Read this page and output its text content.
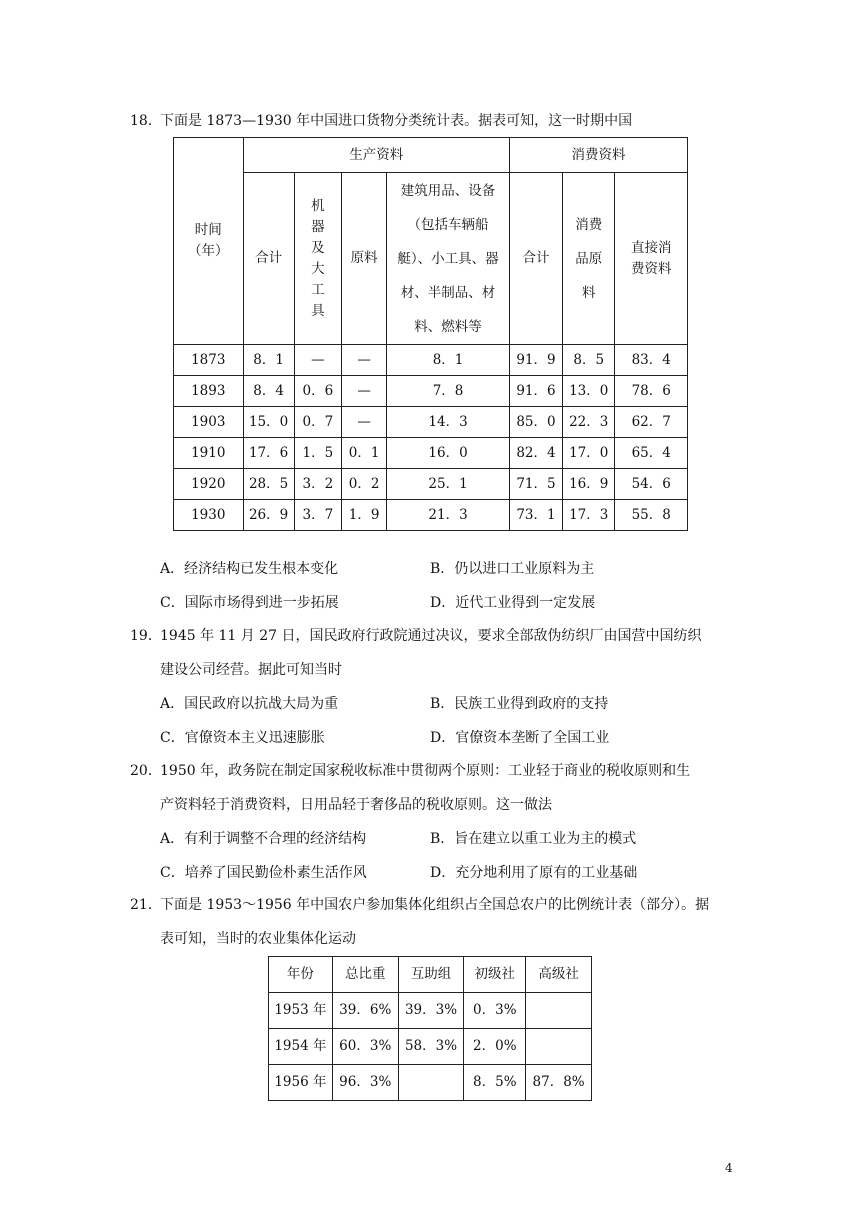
18．
下面是 1873—1930 年中国进口货物分类统计表。据表可知，这一时期中国
时间（年）	生产资料				消费资料		
	合计	机器及大工具	原料	建筑用品、设备（包括车辆船艇）、小工具、器材、半制品、材料、燃料等	合计	消费品原料	直接消费资料
1873	8．1	—	—	8．1	91．9	8．5	83．4
1893	8．4	0．6	—	7．8	91．6	13．0	78．6
1903	15．0	0．7	—	14．3	85．0	22．3	62．7
1910	17．6	1．5	0．1	16．0	82．4	17．0	65．4
1920	28．5	3．2	0．2	25．1	71．5	16．9	54．6
1930	26．9	3．7	1．9	21．3	73．1	17．3	55．8
A．经济结构已发生根本变化	B．仍以进口工业原料为主
C．国际市场得到进一步拓展	D．近代工业得到一定发展
19．
1945 年 11 月 27 日，国民政府行政院通过决议，要求全部敌伪纺织厂由国营中国纺织
建设公司经营。据此可知当时
A．国民政府以抗战大局为重	B．民族工业得到政府的支持
C．官僚资本主义迅速膨胀	D．官僚资本垄断了全国工业
20．
1950 年，政务院在制定国家税收标准中贯彻两个原则：工业轻于商业的税收原则和生
产资料轻于消费资料，日用品轻于奢侈品的税收原则。这一做法
A．有利于调整不合理的经济结构	B．旨在建立以重工业为主的模式
C．培养了国民勤俭朴素生活作风	D．充分地利用了原有的工业基础
21．
下面是 1953～1956 年中国农户参加集体化组织占全国总农户的比例统计表（部分）。据
表可知，当时的农业集体化运动
年份	总比重	互助组	初级社	高级社
1953 年	39．6%	39．3%	0．3%	
1954 年	60．3%	58．3%	2．0%	
1956 年	96．3%		8．5%	87．8%
4
